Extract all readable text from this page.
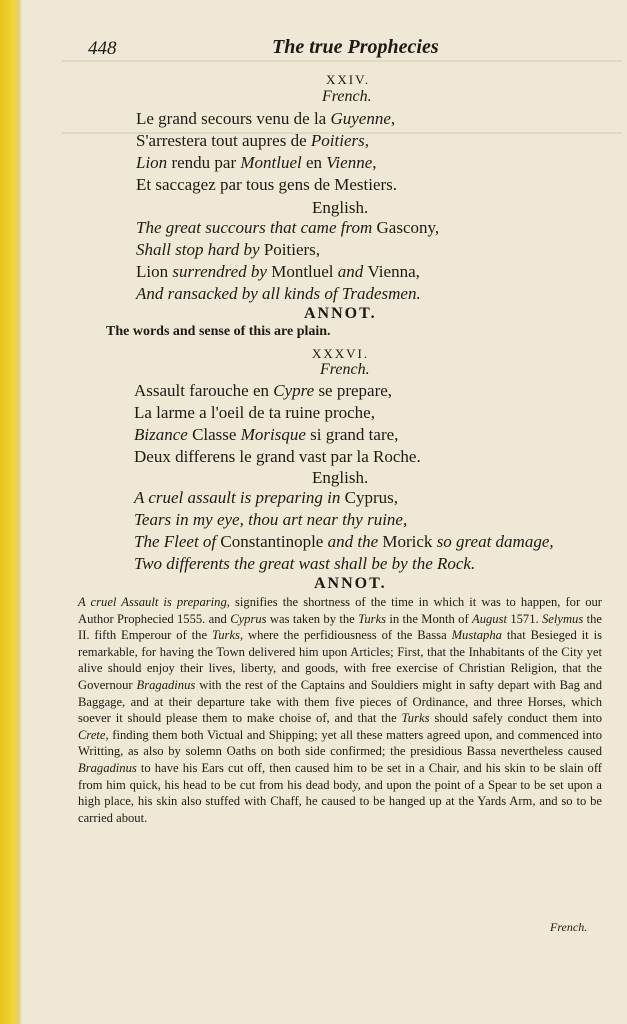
448	The true Prophecies
XXIV.
French.
Le grand secours venu de la Guyenne,
S'arrestera tout aupres de Poitiers,
Lion rendu par Montluel en Vienne,
Et saccagez par tous gens de Mestiers.
English.
The great succours that came from Gascony,
Shall stop hard by Poitiers,
Lion surrendred by Montluel and Vienna,
And ransacked by all kinds of Tradesmen.
ANNOT.
The words and sense of this are plain.
XXXVI.
French.
Assault farouche en Cypre se prepare,
La larme a l'oeil de ta ruine proche,
Bizance Classe Morisque si grand tare,
Deux differens le grand vast par la Roche.
English.
A cruel assault is preparing in Cyprus,
Tears in my eye, thou art near thy ruine,
The Fleet of Constantinople and the Morick so great damage,
Two differents the great wast shall be by the Rock.
ANNOT.
A cruel Assault is preparing, signifies the shortness of the time in which it was to happen, for our Author Prophecied 1555. and Cyprus was taken by the Turks in the Month of August 1571. Selymus the II. fifth Emperour of the Turks, where the perfidiousness of the Bassa Mustapha that Besieged it is remarkable, for having the Town delivered him upon Articles; First, that the Inhabitants of the City yet alive should enjoy their lives, liberty, and goods, with free exercise of Christian Religion, that the Governour Bragadinus with the rest of the Captains and Souldiers might in safty depart with Bag and Baggage, and at their departure take with them five pieces of Ordinance, and three Horses, which soever it should please them to make choise of, and that the Turks should safely conduct them into Crete, finding them both Victual and Shipping; yet all these matters agreed upon, and commenced into Writting, as also by solemn Oaths on both side confirmed; the presidious Bassa nevertheless caused Bragadinus to have his Ears cut off, then caused him to be set in a Chair, and his skin to be slain off from him quick, his head to be cut from his dead body, and upon the point of a Spear to be set upon a high place, his skin also stuffed with Chaff, he caused to be hanged up at the Yards Arm, and so to be carried about.
French.
